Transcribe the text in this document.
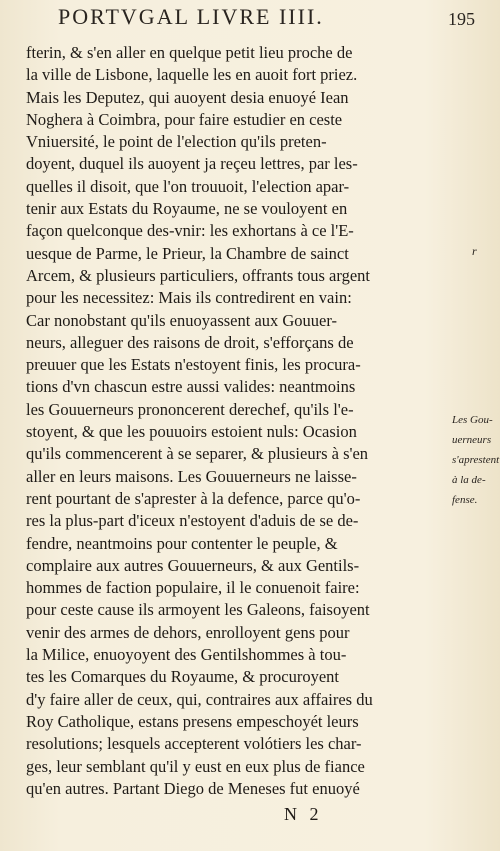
PORTVGAL LIVRE IIII.	195
fterin, & s'en aller en quelque petit lieu proche de
la ville de Lisbone, laquelle les en auoit fort priez.
Mais les Deputez, qui auoyent desia enuoyé Iean
Noghera à Coimbra, pour faire estudier en ceste
Vniuersité, le point de l'election qu'ils preten-
doyent, duquel ils auoyent ja reçeu lettres, par les-
quelles il disoit, que l'on trouuoit, l'election apar-
tenir aux Estats du Royaume, ne se vouloyent en
façon quelconque des-vnir: les exhortans à ce l'E-
uesque de Parme, le Prieur, la Chambre de sainct
Arcem, & plusieurs particuliers, offrants tous argent
pour les necessitez: Mais ils contredirent en vain:
Car nonobstant qu'ils enuoyassent aux Gouuer-
neurs, alleguer des raisons de droit, s'efforçans de
preuuer que les Estats n'estoyent finis, les procura-
tions d'vn chascun estre aussi valides: neantmoins
les Gouuerneurs prononcerent derechef, qu'ils l'e-
stoyent, & que les pouuoirs estoient nuls: Ocasion
qu'ils commencerent à se separer, & plusieurs à s'en
aller en leurs maisons. Les Gouuerneurs ne laisse-
rent pourtant de s'aprester à la defence, parce qu'o-
res la plus-part d'iceux n'estoyent d'aduis de se de-
fendre, neantmoins pour contenter le peuple, &
complaire aux autres Gouuerneurs, & aux Gentils-
hommes de faction populaire, il le conuenoit faire:
pour ceste cause ils armoyent les Galeons, faisoyent
venir des armes de dehors, enrolloyent gens pour
la Milice, enuoyoyent des Gentilshommes à tou-
tes les Comarques du Royaume, & procuroyent
d'y faire aller de ceux, qui, contraires aux affaires du
Roy Catholique, estans presens empeschoyét leurs
resolutions; lesquels accepterent volótiers les char-
ges, leur semblant qu'il y eust en eux plus de fiance
qu'en autres. Partant Diego de Meneses fut enuoyé
r
Les Gou-
uerneurs
s'aprestent
à la de-
fense.
N 2
